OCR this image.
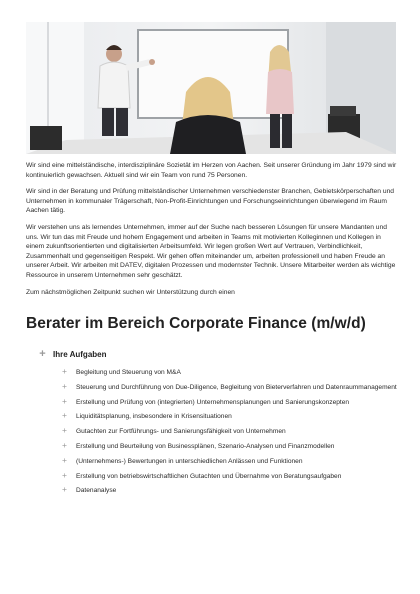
Wir sind eine mittelständische, interdisziplinäre Sozietät im Herzen von Aachen. Seit unserer Gründung im Jahr 1979 sind wir kontinuierlich gewachsen. Aktuell sind wir ein Team von rund 75 Personen.

Wir sind in der Beratung und Prüfung mittelständischer Unternehmen verschiedenster Branchen, Gebietskörperschaften und Unternehmen in kommunaler Trägerschaft, Non-Profit-Einrichtungen und Forschungseinrichtungen überwiegend im Raum Aachen tätig.

Wir verstehen uns als lernendes Unternehmen, immer auf der Suche nach besseren Lösungen für unsere Mandanten und uns. Wir tun das mit Freude und hohem Engagement und arbeiten in Teams mit motivierten Kolleginnen und Kollegen in einem zukunftsorientierten und digitalisierten Arbeitsumfeld. Wir legen großen Wert auf Vertrauen, Verbindlichkeit, Zusammenhalt und gegenseitigen Respekt. Wir gehen offen miteinander um, arbeiten professionell und haben Freude an unserer Arbeit. Wir arbeiten mit DATEV, digitalen Prozessen und modernster Technik. Unsere Mitarbeiter werden als wichtige Ressource in unserem Unternehmen sehr geschätzt.

Zum nächstmöglichen Zeitpunkt suchen wir Unterstützung durch einen

Berater im Bereich Corporate Finance (m/w/d)
+ Ihre Aufgaben
+ Begleitung und Steuerung von M&A
+ Steuerung und Durchführung von Due-Diligence, Begleitung von Bieterverfahren und Datenraummanagement
+ Erstellung und Prüfung von (integrierten) Unternehmensplanungen und Sanierungskonzepten
+ Liquiditätsplanung, insbesondere in Krisensituationen
+ Gutachten zur Fortführungs- und Sanierungsfähigkeit von Unternehmen
+ Erstellung und Beurteilung von Businessplänen, Szenario-Analysen und Finanzmodellen
+ (Unternehmens-) Bewertungen in unterschiedlichen Anlässen und Funktionen
+ Erstellung von betriebswirtschaftlichen Gutachten und Übernahme von Beratungsaufgaben
+ Datenanalyse
